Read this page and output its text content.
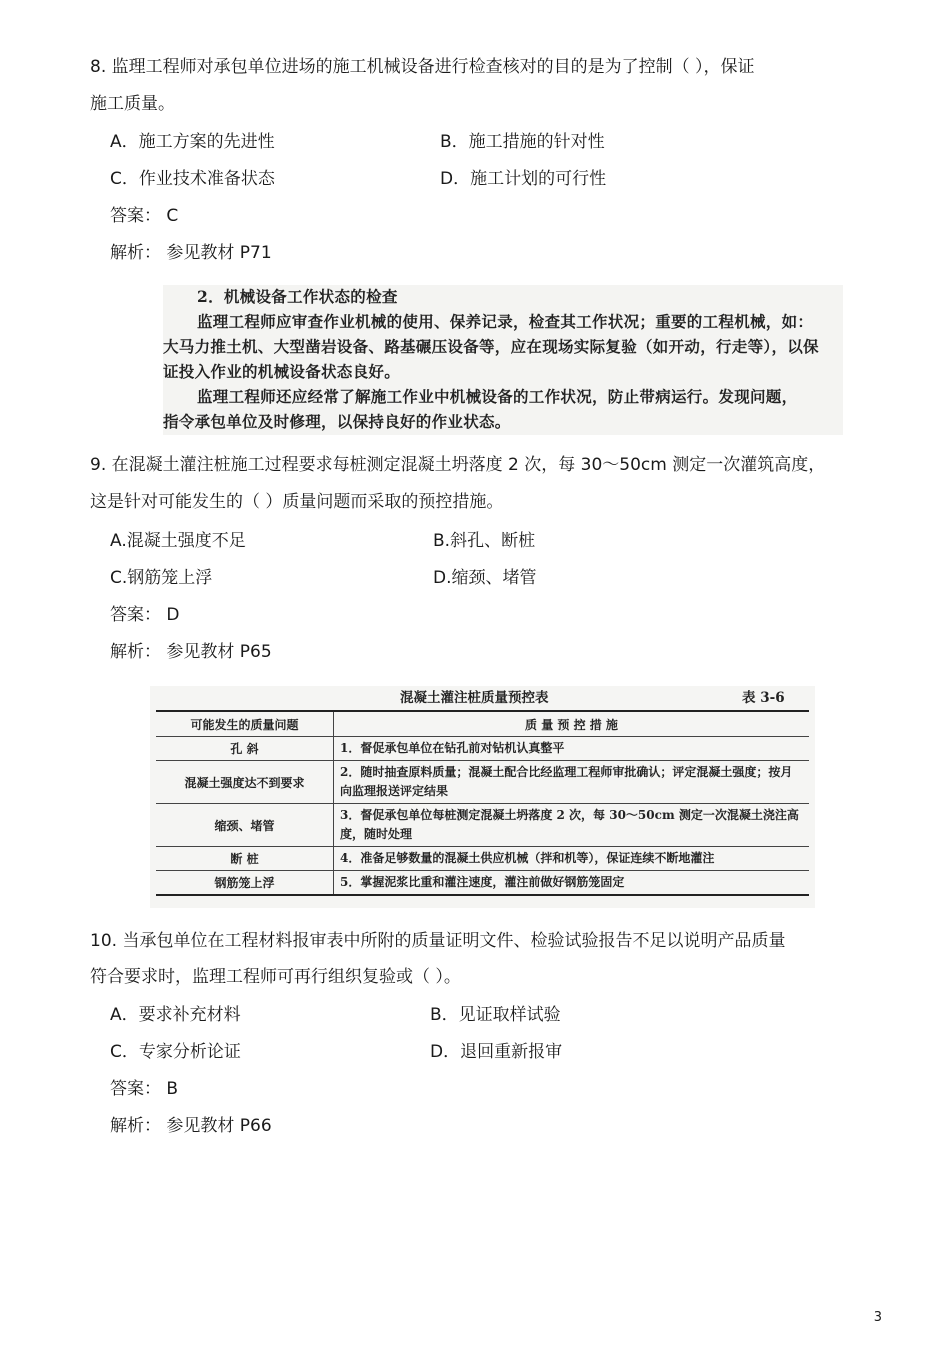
8. 监理工程师对承包单位进场的施工机械设备进行检查核对的目的是为了控制（ ），保证
施工质量。
A．施工方案的先进性	B．施工措施的针对性
C．作业技术准备状态	D．施工计划的可行性
答案： C
解析： 参见教材 P71
2．机械设备工作状态的检查
监理工程师应审查作业机械的使用、保养记录，检查其工作状况；重要的工程机械，如：
大马力推土机、大型凿岩设备、路基碾压设备等，应在现场实际复验（如开动，行走等），以保
证投入作业的机械设备状态良好。
监理工程师还应经常了解施工作业中机械设备的工作状况，防止带病运行。发现问题，
指令承包单位及时修理，以保持良好的作业状态。
9. 在混凝土灌注桩施工过程要求每桩测定混凝土坍落度 2 次，每 30～50cm 测定一次灌筑高度，
这是针对可能发生的（ ）质量问题而采取的预控措施。
A.混凝土强度不足	B.斜孔、断桩
C.钢筋笼上浮	D.缩颈、堵管
答案： D
解析： 参见教材 P65
混凝土灌注桩质量预控表	表 3-6
可能发生的质量问题	质 量 预 控 措 施
孔 斜	1．督促承包单位在钻孔前对钻机认真整平
混凝土强度达不到要求	2．随时抽查原料质量；混凝土配合比经监理工程师审批确认；评定混凝土强度；按月向监理报送评定结果
缩颈、堵管	3．督促承包单位每桩测定混凝土坍落度 2 次，每 30～50cm 测定一次混凝土浇注高度，随时处理
断 桩	4．准备足够数量的混凝土供应机械（拌和机等），保证连续不断地灌注
钢筋笼上浮	5．掌握泥浆比重和灌注速度，灌注前做好钢筋笼固定
10. 当承包单位在工程材料报审表中所附的质量证明文件、检验试验报告不足以说明产品质量
符合要求时，监理工程师可再行组织复验或（ ）。
A．要求补充材料	B．见证取样试验
C．专家分析论证	D．退回重新报审
答案： B
解析： 参见教材 P66
3
